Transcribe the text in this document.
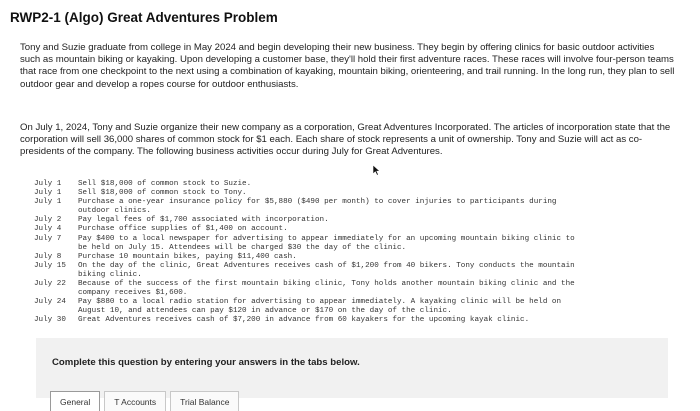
RWP2-1 (Algo) Great Adventures Problem

Tony and Suzie graduate from college in May 2024 and begin developing their new business. They begin by offering clinics for basic outdoor activities such as mountain biking or kayaking. Upon developing a customer base, they'll hold their first adventure races. These races will involve four-person teams that race from one checkpoint to the next using a combination of kayaking, mountain biking, orienteering, and trail running. In the long run, they plan to sell outdoor gear and develop a ropes course for outdoor enthusiasts.

On July 1, 2024, Tony and Suzie organize their new company as a corporation, Great Adventures Incorporated. The articles of incorporation state that the corporation will sell 36,000 shares of common stock for $1 each. Each share of stock represents a unit of ownership. Tony and Suzie will act as co-presidents of the company. The following business activities occur during July for Great Adventures.

July 1	Sell $18,000 of common stock to Suzie.
July 1	Sell $18,000 of common stock to Tony.
July 1	Purchase a one-year insurance policy for $5,880 ($490 per month) to cover injuries to participants during
outdoor clinics.
July 2	Pay legal fees of $1,700 associated with incorporation.
July 4	Purchase office supplies of $1,400 on account.
July 7	Pay $400 to a local newspaper for advertising to appear immediately for an upcoming mountain biking clinic to
be held on July 15. Attendees will be charged $30 the day of the clinic.
July 8	Purchase 10 mountain bikes, paying $11,400 cash.
July 15	On the day of the clinic, Great Adventures receives cash of $1,200 from 40 bikers. Tony conducts the mountain
biking clinic.
July 22	Because of the success of the first mountain biking clinic, Tony holds another mountain biking clinic and the
company receives $1,600.
July 24	Pay $880 to a local radio station for advertising to appear immediately. A kayaking clinic will be held on
August 10, and attendees can pay $120 in advance or $170 on the day of the clinic.
July 30	Great Adventures receives cash of $7,200 in advance from 60 kayakers for the upcoming kayak clinic.
Complete this question by entering your answers in the tabs below.
General	T Accounts	Trial Balance
